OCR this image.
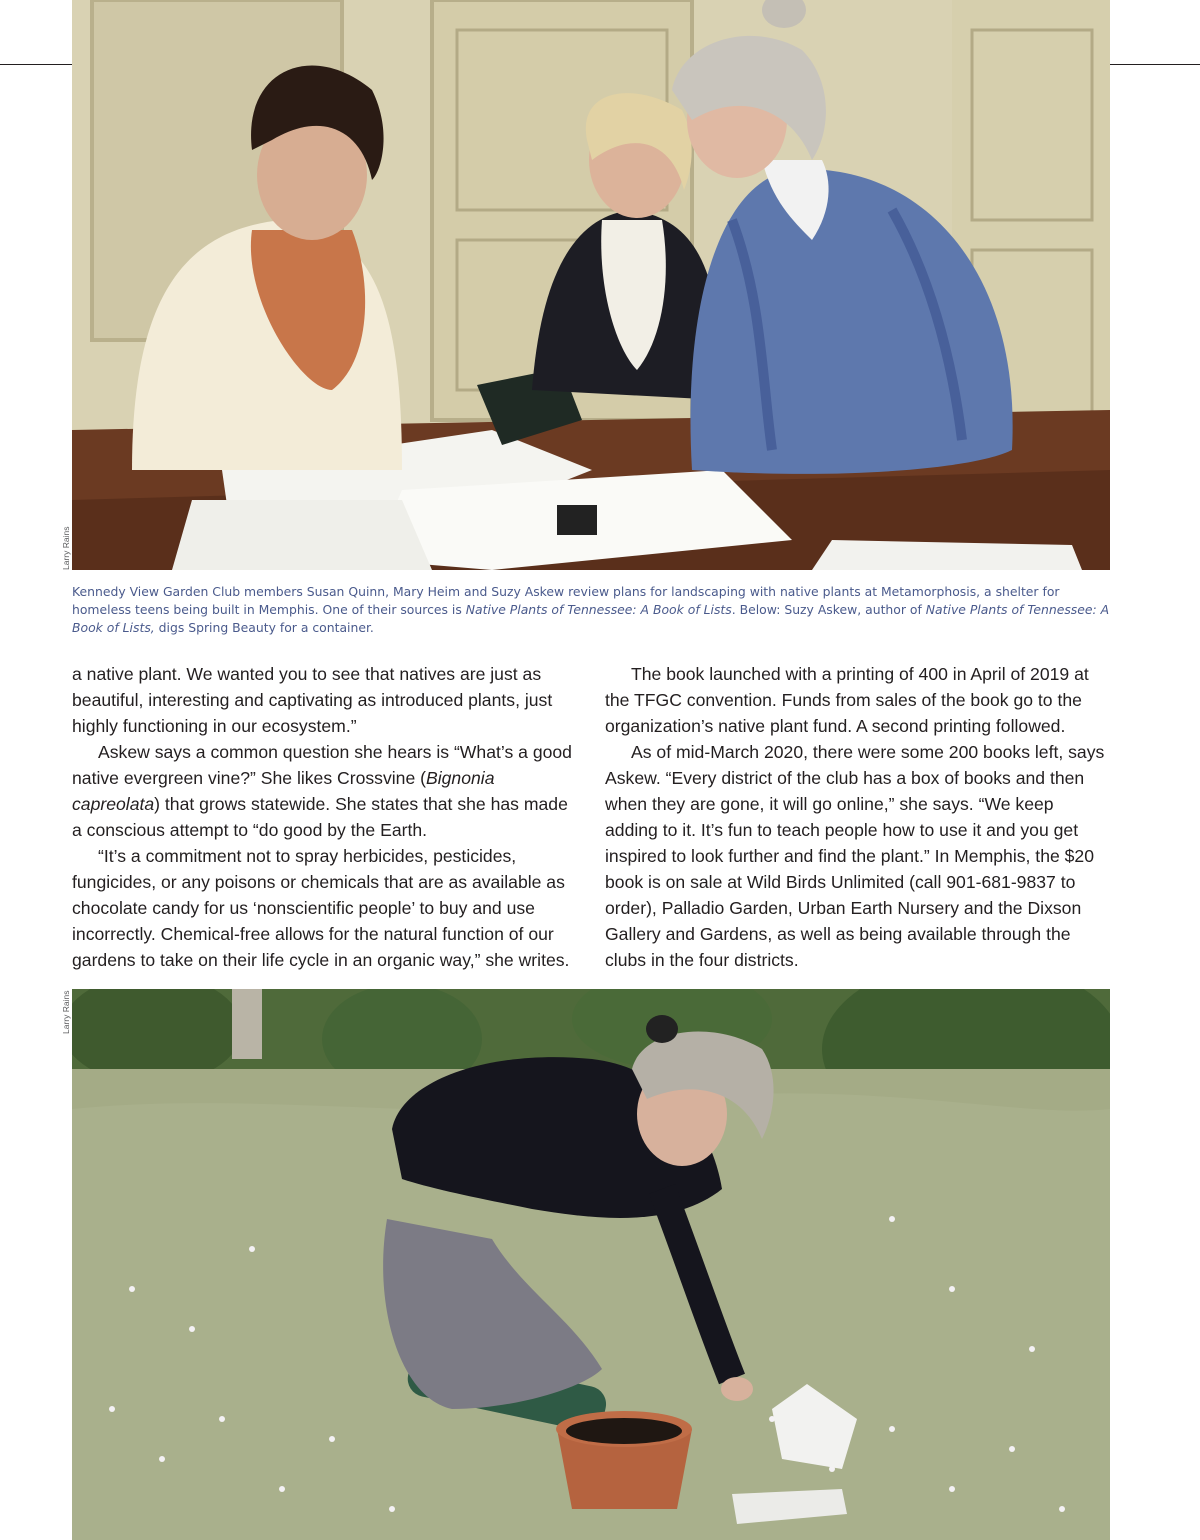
Larry Rains
Kennedy View Garden Club members Susan Quinn, Mary Heim and Suzy Askew review plans for landscaping with native plants at Metamorphosis, a shelter for homeless teens being built in Memphis. One of their sources is Native Plants of Tennessee: A Book of Lists. Below: Suzy Askew, author of Native Plants of Tennessee: A Book of Lists, digs Spring Beauty for a container.

a native plant. We wanted you to see that natives are just as beautiful, interesting and captivating as introduced plants, just highly functioning in our ecosystem.”

Askew says a common question she hears is “What’s a good native evergreen vine?” She likes Crossvine (Bignonia capreolata) that grows statewide. She states that she has made a conscious attempt to “do good by the Earth.

“It’s a commitment not to spray herbicides, pesticides, fungicides, or any poisons or chemicals that are as available as chocolate candy for us ‘nonscientific people’ to buy and use incorrectly. Chemical-free allows for the natural function of our gardens to take on their life cycle in an organic way,” she writes.

The book launched with a printing of 400 in April of 2019 at the TFGC convention. Funds from sales of the book go to the organization’s native plant fund. A second printing followed.

As of mid-March 2020, there were some 200 books left, says Askew. “Every district of the club has a box of books and then when they are gone, it will go online,” she says. “We keep adding to it. It’s fun to teach people how to use it and you get inspired to look further and find the plant.” In Memphis, the $20 book is on sale at Wild Birds Unlimited (call 901-681-9837 to order), Palladio Garden, Urban Earth Nursery and the Dixson Gallery and Gardens, as well as being available through the clubs in the four districts.

Larry Rains
